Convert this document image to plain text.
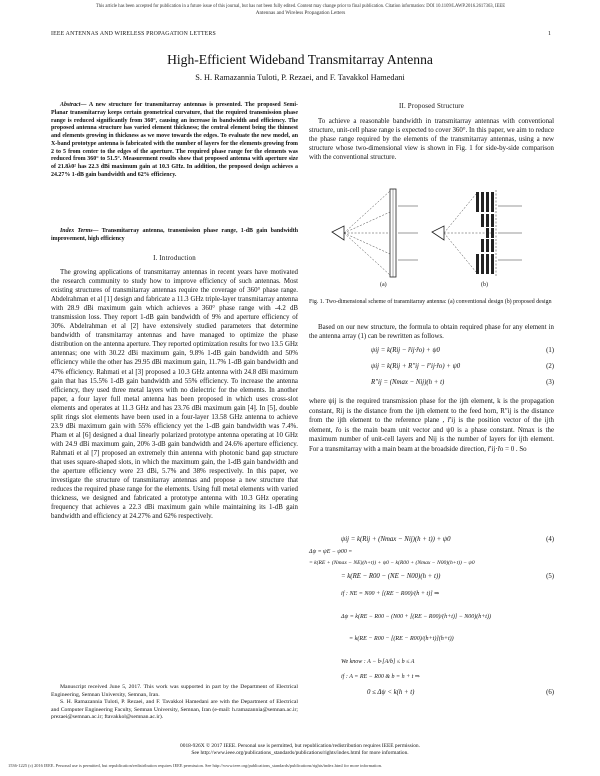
This article has been accepted for publication in a future issue of this journal, but has not been fully edited. Content may change prior to final publication. Citation information: DOI 10.1109/LAWP.2016.2617363, IEEE
Antennas and Wireless Propagation Letters
IEEE ANTENNAS AND WIRELESS PROPAGATION LETTERS	1
High-Efficient Wideband Transmitarray Antenna
S. H. Ramazannia Tuloti, P. Rezaei, and F. Tavakkol Hamedani
Abstract— A new structure for transmitarray antennas is presented. The proposed Semi-Planar transmitarray keeps certain geometrical curvature, that the required transmission phase range is reduced significantly from 360°, causing an increase in bandwidth and efficiency. The proposed antenna structure has varied element thickness; the central element being the thinnest and elements growing in thickness as we move towards the edges. To evaluate the new model, an X-band prototype antenna is fabricated with the number of layers for the elements growing from 2 to 5 from center to the edges of the aperture. The required phase range for the elements was reduced from 360° to 51.5°. Measurement results show that proposed antenna with aperture size of 21.8λ0² has 22.3 dBi maximum gain at 10.3 GHz. In addition, the proposed design achieves a 24.27% 1-dB gain bandwidth and 62% efficiency.
Index Terms— Transmitarray antenna, transmission phase range, 1-dB gain bandwidth improvement, high efficiency
I. Introduction
The growing applications of transmitarray antennas in recent years have motivated the research community to study how to improve efficiency of such antennas. Most existing structures of transmitarray antennas require the coverage of 360° phase range. Abdelrahman et al [1] design and fabricate a 11.3 GHz triple-layer transmitarray antenna with 28.9 dBi maximum gain which achieves a 360° phase range with -4.2 dB transmission loss. They report 1-dB gain bandwidth of 9% and aperture efficiency of 30%. Abdelrahman et al [2] have extensively studied parameters that determine bandwidth of transmitarray antennas and have managed to optimize the phase distribution on the antenna aperture. They reported optimization results for two 13.5 GHz antennas; one with 30.22 dBi maximum gain, 9.8% 1-dB gain bandwidth and 50% efficiency while the other has 29.95 dBi maximum gain, 11.7% 1-dB gain bandwidth and 47% efficiency. Rahmati et al [3] proposed a 10.3 GHz antenna with 24.8 dBi maximum gain that has 15.5% 1-dB gain bandwidth and 55% efficiency. To increase the antenna efficiency, they used three metal layers with no dielectric for the elements. In another paper, a four layer full metal antenna has been proposed in which uses cross-slot elements and operates at 11.3 GHz and has 23.76 dBi maximum gain [4]. In [5], double split rings slot elements have been used in a four-layer 13.58 GHz antenna to achieve 23.9 dBi maximum gain with 55% efficiency yet the 1-dB gain bandwidth was 7.4%. Pham et al [6] designed a dual linearly polarized prototype antenna operating at 10 GHz with 24.9 dBi maximum gain, 20% 3-dB gain bandwidth and 24.6% aperture efficiency. Rahmati et al [7] proposed an extremely thin antenna with photonic band gap structure that uses square-shaped slots, in which the maximum gain, the 1-dB gain bandwidth and the aperture efficiency were 23 dBi, 5.7% and 38% respectively. In this paper, we investigate the structure of transmitarray antennas and propose a new structure that reduces the required phase range for the elements. Using full metal elements with varied thickness, we designed and fabricated a prototype antenna with 10.3 GHz operating frequency that achieves a 22.3 dBi maximum gain while maintaining its 1-dB gain bandwidth and efficiency at 24.27% and 62% respectively.
Manuscript received June 5, 2017. This work was supported in part by the Department of Electrical Engineering, Semnan University, Semnan, Iran.
S. H. Ramazannia Tuloti, P. Rezaei, and F. Tavakkol Hamedani are with the Department of Electrical and Computer Engineering Faculty, Semnan University, Semnan, Iran (e-mail: h.ramazannia@semnan.ac.ir; prezaei@semnan.ac.ir; ftavakkol@semnan.ac.ir).
II. Proposed Structure
To achieve a reasonable bandwidth in transmitarray antennas with conventional structure, unit-cell phase range is expected to cover 360°. In this paper, we aim to reduce the phase range required by the elements of the transmitarray antennas, using a new structure whose two-dimensional view is shown in Fig. 1 for side-by-side comparison with the conventional structure.
(a)	(b)
Fig. 1. Two-dimensional scheme of transmitarray antenna: (a) conventional design (b) proposed design
Based on our new structure, the formula to obtain required phase for any element in the antenna array (1) can be rewritten as follows.
ψij = k(Rij − r̄ij·r̂o) + ψ0	(1)
ψij = k(Rij + R″ij − r̄′ij·r̂o) + ψ0	(2)
R″ij = (Nmax − Nij)(h + t)	(3)
where ψij is the required transmission phase for the ijth element, k is the propagation constant, Rij is the distance from the ijth element to the feed horn, R″ij is the distance from the ijth element to the reference plane , r̄′ij is the position vector of the ijth element, r̂o is the main beam unit vector and ψ0 is a phase constant. Nmax is the maximum number of unit-cell layers and Nij is the number of layers for ijth element. For a transmitarray with a main beam at the broadside direction, r̄′ij·r̂o = 0 . So
ψij = k(Rij + (Nmax − Nij)(h + t)) + ψ0	(4)
Δψ = ψE − ψ00 =
= k(RE + (Nmax − NE)(h+t)) + ψ0 − k(R00 + (Nmax − N00)(h+t)) − ψ0
= k(RE − R00 − (NE − N00)(h + t))	(5)
if : NE = N00 + [(RE − R00)/(h + t)] ⇒
Δψ = k(RE − R00 − (N00 + [(RE − R00)/(h+t)] − N00)(h+t))
= k(RE − R00 − [(RE − R00)/(h+t)](h+t))
We know : A − b·[A/b] ≤ b ≤ A
if : A = RE − R00 & b = h + t ⇒
0 ≤ Δψ < k(h + t)	(6)
0018-926X © 2017 IEEE. Personal use is permitted, but republication/redistribution requires IEEE permission.
See http://www.ieee.org/publications_standards/publications/rights/index.html for more information.
1536-1225 (c) 2016 IEEE. Personal use is permitted, but republication/redistribution requires IEEE permission. See http://www.ieee.org/publications_standards/publications/rights/index.html for more information.
